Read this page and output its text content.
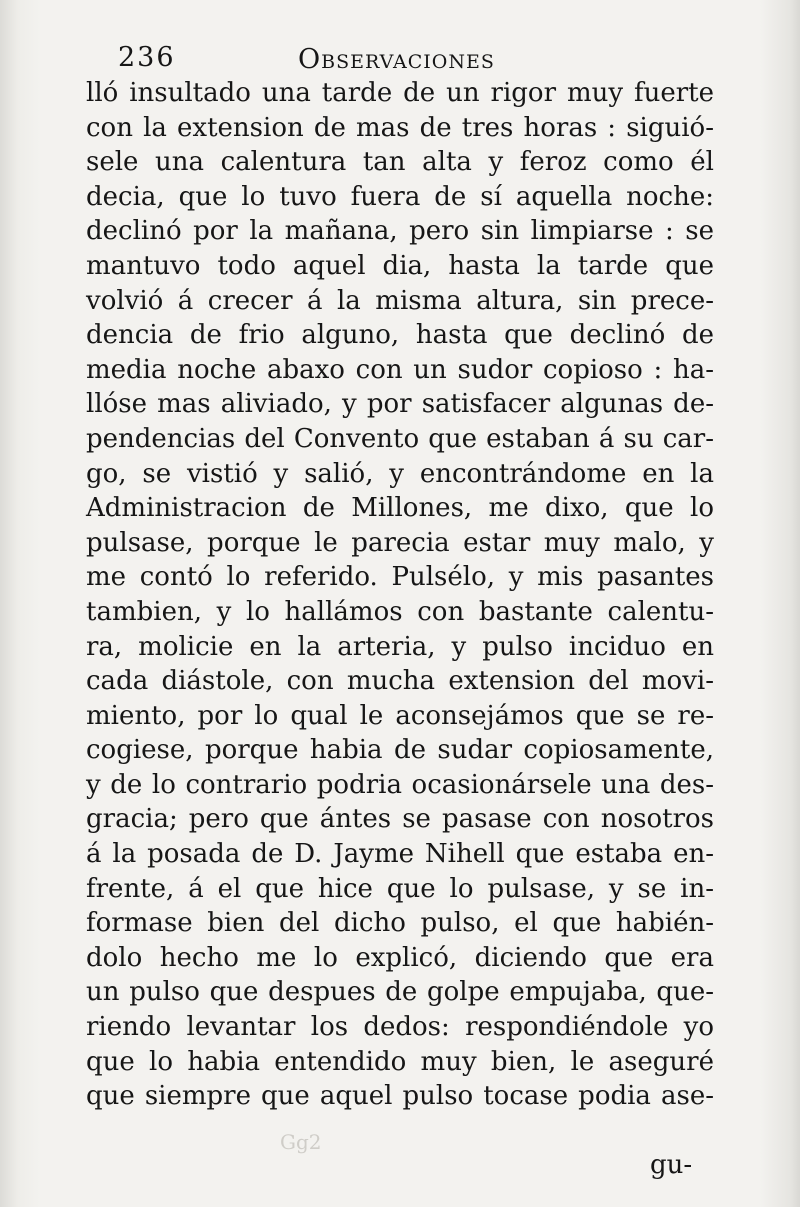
236	Observaciones
lló insultado una tarde de un rigor muy fuerte
con la extension de mas de tres horas : siguió-
sele una calentura tan alta y feroz como él
decia, que lo tuvo fuera de sí aquella noche:
declinó por la mañana, pero sin limpiarse : se
mantuvo todo aquel dia, hasta la tarde que
volvió á crecer á la misma altura, sin prece-
dencia de frio alguno, hasta que declinó de
media noche abaxo con un sudor copioso : ha-
llóse mas aliviado, y por satisfacer algunas de-
pendencias del Convento que estaban á su car-
go, se vistió y salió, y encontrándome en la
Administracion de Millones, me dixo, que lo
pulsase, porque le parecia estar muy malo, y
me contó lo referido. Pulsélo, y mis pasantes
tambien, y lo hallámos con bastante calentu-
ra, molicie en la arteria, y pulso inciduo en
cada diástole, con mucha extension del movi-
miento, por lo qual le aconsejámos que se re-
cogiese, porque habia de sudar copiosamente,
y de lo contrario podria ocasionársele una des-
gracia; pero que ántes se pasase con nosotros
á la posada de D. Jayme Nihell que estaba en-
frente, á el que hice que lo pulsase, y se in-
formase bien del dicho pulso, el que habién-
dolo hecho me lo explicó, diciendo que era
un pulso que despues de golpe empujaba, que-
riendo levantar los dedos: respondiéndole yo
que lo habia entendido muy bien, le aseguré
que siempre que aquel pulso tocase podia ase-
Gg2
gu-
